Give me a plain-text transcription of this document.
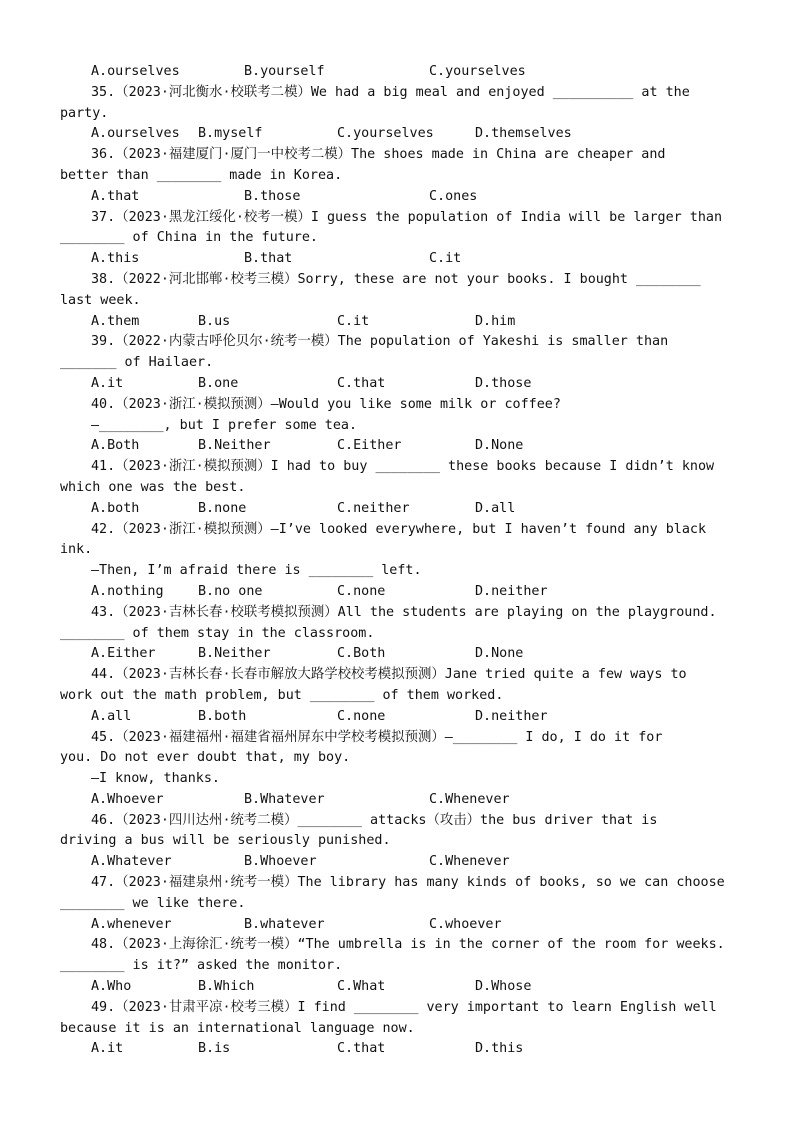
A.ourselves	B.yourself	C.yourselves
35.（2023·河北衡水·校联考二模）We had a big meal and enjoyed __________ at the
party.
A.ourselves B.myself	C.yourselves	D.themselves
36.（2023·福建厦门·厦门一中校考二模）The shoes made in China are cheaper and
better than ________ made in Korea.
A.that	B.those	C.ones
37.（2023·黑龙江绥化·校考一模）I guess the population of India will be larger than
________ of China in the future.
A.this	B.that	C.it
38.（2022·河北邯郸·校考三模）Sorry, these are not your books. I bought ________
last week.
A.them	B.us	C.it	D.him
39.（2022·内蒙古呼伦贝尔·统考一模）The population of Yakeshi is smaller than
_______ of Hailaer.
A.it	B.one	C.that	D.those
40.（2023·浙江·模拟预测）—Would you like some milk or coffee?
—________, but I prefer some tea.
A.Both	B.Neither	C.Either	D.None
41.（2023·浙江·模拟预测）I had to buy ________ these books because I didn’t know
which one was the best.
A.both	B.none	C.neither	D.all
42.（2023·浙江·模拟预测）—I’ve looked everywhere, but I haven’t found any black
ink.
—Then, I’m afraid there is ________ left.
A.nothing	B.no one	C.none	D.neither
43.（2023·吉林长春·校联考模拟预测）All the students are playing on the playground.
________ of them stay in the classroom.
A.Either	B.Neither	C.Both	D.None
44.（2023·吉林长春·长春市解放大路学校校考模拟预测）Jane tried quite a few ways to
work out the math problem, but ________ of them worked.
A.all	B.both	C.none	D.neither
45.（2023·福建福州·福建省福州屏东中学校考模拟预测）—________ I do, I do it for
you. Do not ever doubt that, my boy.
—I know, thanks.
A.Whoever	B.Whatever	C.Whenever
46.（2023·四川达州·统考二模）________ attacks（攻击）the bus driver that is
driving a bus will be seriously punished.
A.Whatever	B.Whoever	C.Whenever
47.（2023·福建泉州·统考一模）The library has many kinds of books, so we can choose
________ we like there.
A.whenever	B.whatever	C.whoever
48.（2023·上海徐汇·统考一模）“The umbrella is in the corner of the room for weeks.
________ is it?” asked the monitor.
A.Who	B.Which	C.What	D.Whose
49.（2023·甘肃平凉·校考三模）I find ________ very important to learn English well
because it is an international language now.
A.it	B.is	C.that	D.this
